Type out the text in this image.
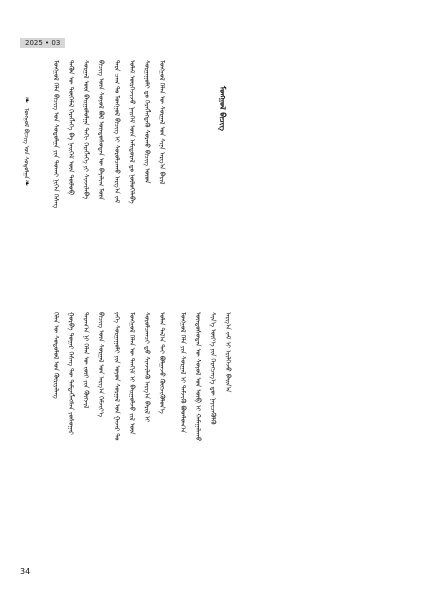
2025 • 03
❧
ᠮᠣᠩᠭᠣᠯ ᠪᠢᠴᠢᠭ ᠤᠨ ᠰᠣᠳᠤᠯᠭᠠ
❧	ᠮᠣᠩᠭᠣᠯ ᠬᠡᠯᠡ ᠪᠢᠴᠢᠭ ᠤᠨ ᠰᠣᠳᠤᠯᠭᠠ ᠶᠢᠨ ᠲᠤᠬᠠᠢ ᠨᠢᠭᠡᠨ ᠬᠡᠰᠡᠭ ᠲᠡᠭᠦᠨ ᠦ ᠲᠦᠭᠡᠮᠡᠯ ᠬᠡᠷᠡᠭᠯᠡᠭᠡ ᠪᠠ ᠨᠡᠢᠭᠡᠮ ᠦᠨ ᠲᠥᠯᠦᠪ ᠰᠤᠷᠭᠠᠯ ᠦᠨ ᠪᠠᠢᠭᠤᠯᠤᠯᠭᠠ ᠳᠠᠬᠢ ᠬᠡᠷᠡᠭᠯᠡᠭᠡ ᠶᠢ ᠰᠢᠨᠵᠢᠯᠡᠪᠡ ᠪᠢᠴᠢᠭ ᠦᠨ ᠰᠣᠶᠣᠯ ᠪᠣᠯ ᠦᠨᠳᠦᠰᠦᠲᠡᠨ ᠦ ᠪᠠᠶᠠᠯᠢᠭ ᠮᠥᠨ ᠲᠡᠷᠡ ᠴᠠᠭ ᠲᠤ ᠮᠣᠩᠭᠣᠯ ᠪᠢᠴᠢᠭ ᠢ ᠰᠤᠷᠤᠯᠴᠠᠬᠤ ᠠᠷᠭ᠎ᠠ ᠵᠠᠮ ᠤᠯᠠᠮ ᠥᠷᠭᠡᠵᠢᠵᠦ ᠨᠡᠢᠭᠡᠮ ᠦᠨ ᠠᠮᠢᠳᠤᠷᠠᠯ ᠳᠤ ᠨᠥᠯᠦᠭᠡᠯᠡᠪᠡ ᠰᠤᠷᠭᠠᠭᠤᠯᠢ ᠳᠤ ᠬᠡᠷᠡᠭᠯᠡᠭᠳᠡᠬᠦ ᠰᠤᠷᠬᠤ ᠪᠢᠴᠢᠭ ᠦᠳ ᠮᠣᠩᠭᠣᠯ ᠬᠡᠯᠡᠨ ᠦ ᠰᠤᠷᠭᠠᠯ ᠤᠨ ᠰᠢᠨᠡ ᠠᠷᠭ᠎ᠠ ᠪᠠᠷᠢᠯ	ᠮᠣᠩᠭᠣᠯ ᠪᠢᠴᠢᠭ
ᠬᠡᠯᠡᠨ ᠦ ᠰᠤᠳᠤᠯᠤᠯ ᠤᠨ ᠬᠦᠷᠢᠶᠡᠯᠡᠩ ᠭᠤᠷᠪᠠ ᠳᠤᠭᠠᠷ ᠬᠡᠰᠡᠭ ᠲᠦ ᠲᠡᠮᠳᠡᠭᠯᠡᠭᠰᠡᠨ ᠶᠣᠰᠣᠭᠠᠷ ᠳᠠᠷᠠᠭ᠎ᠠ ᠨᠢ ᠬᠡᠯᠡᠨ ᠦ ᠵᠦᠢ ᠶᠢᠨ ᠬᠥᠭᠵᠢᠯ ᠪᠢᠴᠢᠭ ᠦᠨ ᠰᠤᠷᠭᠠᠯ ᠤᠨ ᠠᠷᠭ᠎ᠠ ᠬᠡᠮᠵᠢᠶ᠎ᠡ ᠶᠡᠬᠡ ᠰᠤᠷᠭᠠᠭᠤᠯᠢ ᠶᠢᠨ ᠤᠶᠤᠨ ᠰᠤᠷᠭᠠᠯ ᠤᠨ ᠭᠠᠵᠠᠷ ᠲᠤ ᠮᠣᠩᠭᠣᠯ ᠬᠡᠯᠡᠨ ᠦ ᠲᠡᠨᠬᠢᠮ ᠢ ᠪᠠᠢᠭᠤᠯᠵᠤ ᠵᠢᠯ ᠦᠨ ᠰᠤᠷᠤᠯᠴᠠᠭᠴᠢ ᠳ᠋ᠤ ᠰᠢᠨᠵᠢᠯᠡᠬᠦ ᠠᠷᠭ᠎ᠠ ᠪᠠᠷᠢᠯ ᠢ ᠣᠯᠠᠨ ᠲᠠᠯ᠎ᠠ ᠲᠠᠢ ᠪᠣᠯᠭᠠᠵᠤ ᠬᠥᠭᠵᠢᠭᠦᠯᠦᠨ᠎ᠡ ᠮᠣᠩᠭᠣᠯ ᠬᠡᠯᠡ ᠶᠢᠨ ᠰᠤᠷᠭᠠᠯ ᠢ ᠳᠡᠮᠵᠢᠬᠦ ᠪᠣᠳᠯᠣᠭ᠎ᠠ ᠦᠨᠳᠦᠰᠦᠲᠡᠨ ᠦ ᠰᠣᠶᠣᠯ ᠤᠨ ᠥᠪ ᠢ ᠬᠠᠮᠠᠭᠠᠯᠠᠬᠤ ᠰᠢᠨ᠎ᠡ ᠦᠶ᠎ᠡ ᠶᠢᠨ ᠬᠡᠷᠡᠭᠴᠡᠭ᠎ᠡ ᠳᠦ ᠨᠡᠶᠢᠴᠡᠭᠦᠯᠬᠦ ᠠᠷᠭ᠎ᠠ ᠵᠠᠮ ᠢ ᠡᠷᠢᠯᠬᠡᠵᠦ ᠪᠠᠢᠨ᠎ᠠ
34
